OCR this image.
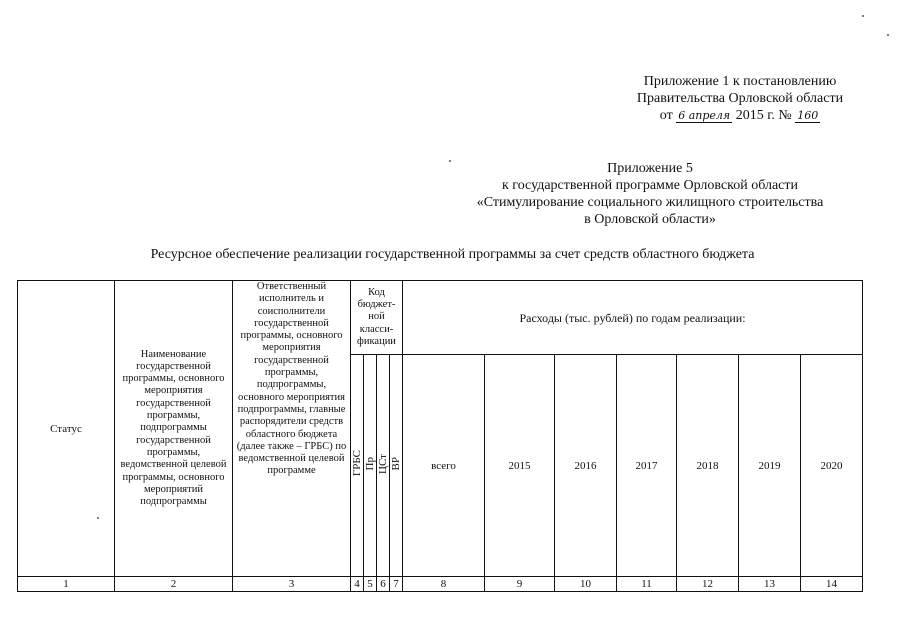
Приложение 1 к постановлению
Правительства Орловской области
от 6 апреля 2015 г. № 160
Приложение 5
к государственной программе Орловской области
«Стимулирование социального жилищного строительства
в Орловской области»
Ресурсное обеспечение реализации государственной программы за счет средств областного бюджета
Статус	Наименование государственной программы, основного мероприятия государственной программы, подпрограммы государственной программы, ведомственной целевой программы, основного мероприятий подпрограммы	Ответственный исполнитель и соисполнители государственной программы, основного мероприятия государственной программы, подпрограммы, основного мероприятия подпрограммы, главные распорядители средств областного бюджета (далее также – ГРБС) по ведомственной целевой программе	Код бюджет-ной класси-фикации				Расходы (тыс. рублей) по годам реализации:						
			ГРБС	Пр	ЦСт	ВР	всего	2015	2016	2017	2018	2019	2020
1	2	3	4	5	6	7	8	9	10	11	12	13	14
